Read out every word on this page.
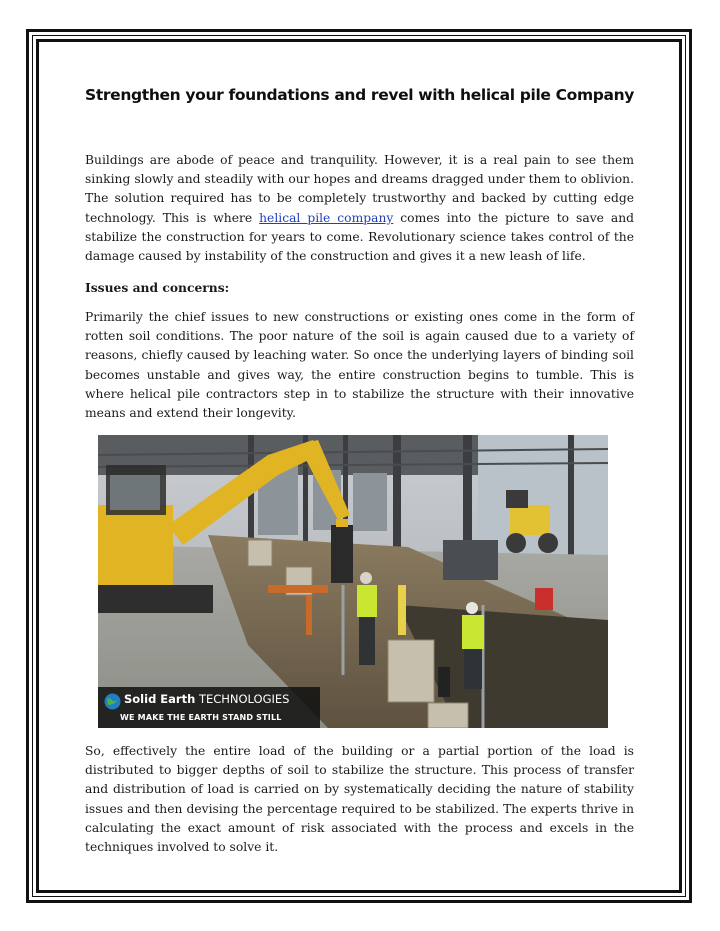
Strengthen your foundations and revel with helical pile Company

Buildings are abode of peace and tranquility. However, it is a real pain to see them sinking slowly and steadily with our hopes and dreams dragged under them to oblivion. The solution required has to be completely trustworthy and backed by cutting edge technology. This is where helical pile company comes into the picture to save and stabilize the construction for years to come. Revolutionary science takes control of the damage caused by instability of the construction and gives it a new leash of life.

Issues and concerns:

Primarily the chief issues to new constructions or existing ones come in the form of rotten soil conditions. The poor nature of the soil is again caused due to a variety of reasons, chiefly caused by leaching water. So once the underlying layers of binding soil becomes unstable and gives way, the entire construction begins to tumble. This is where helical pile contractors step in to stabilize the structure with their innovative means and extend their longevity.

So, effectively the entire load of the building or a partial portion of the load is distributed to bigger depths of soil to stabilize the structure. This process of transfer and distribution of load is carried on by systematically deciding the nature of stability issues and then devising the percentage required to be stabilized. The experts thrive in calculating the exact amount of risk associated with the process and excels in the techniques involved to solve it.

Solid Earth TECHNOLOGIES
WE MAKE THE EARTH STAND STILL
